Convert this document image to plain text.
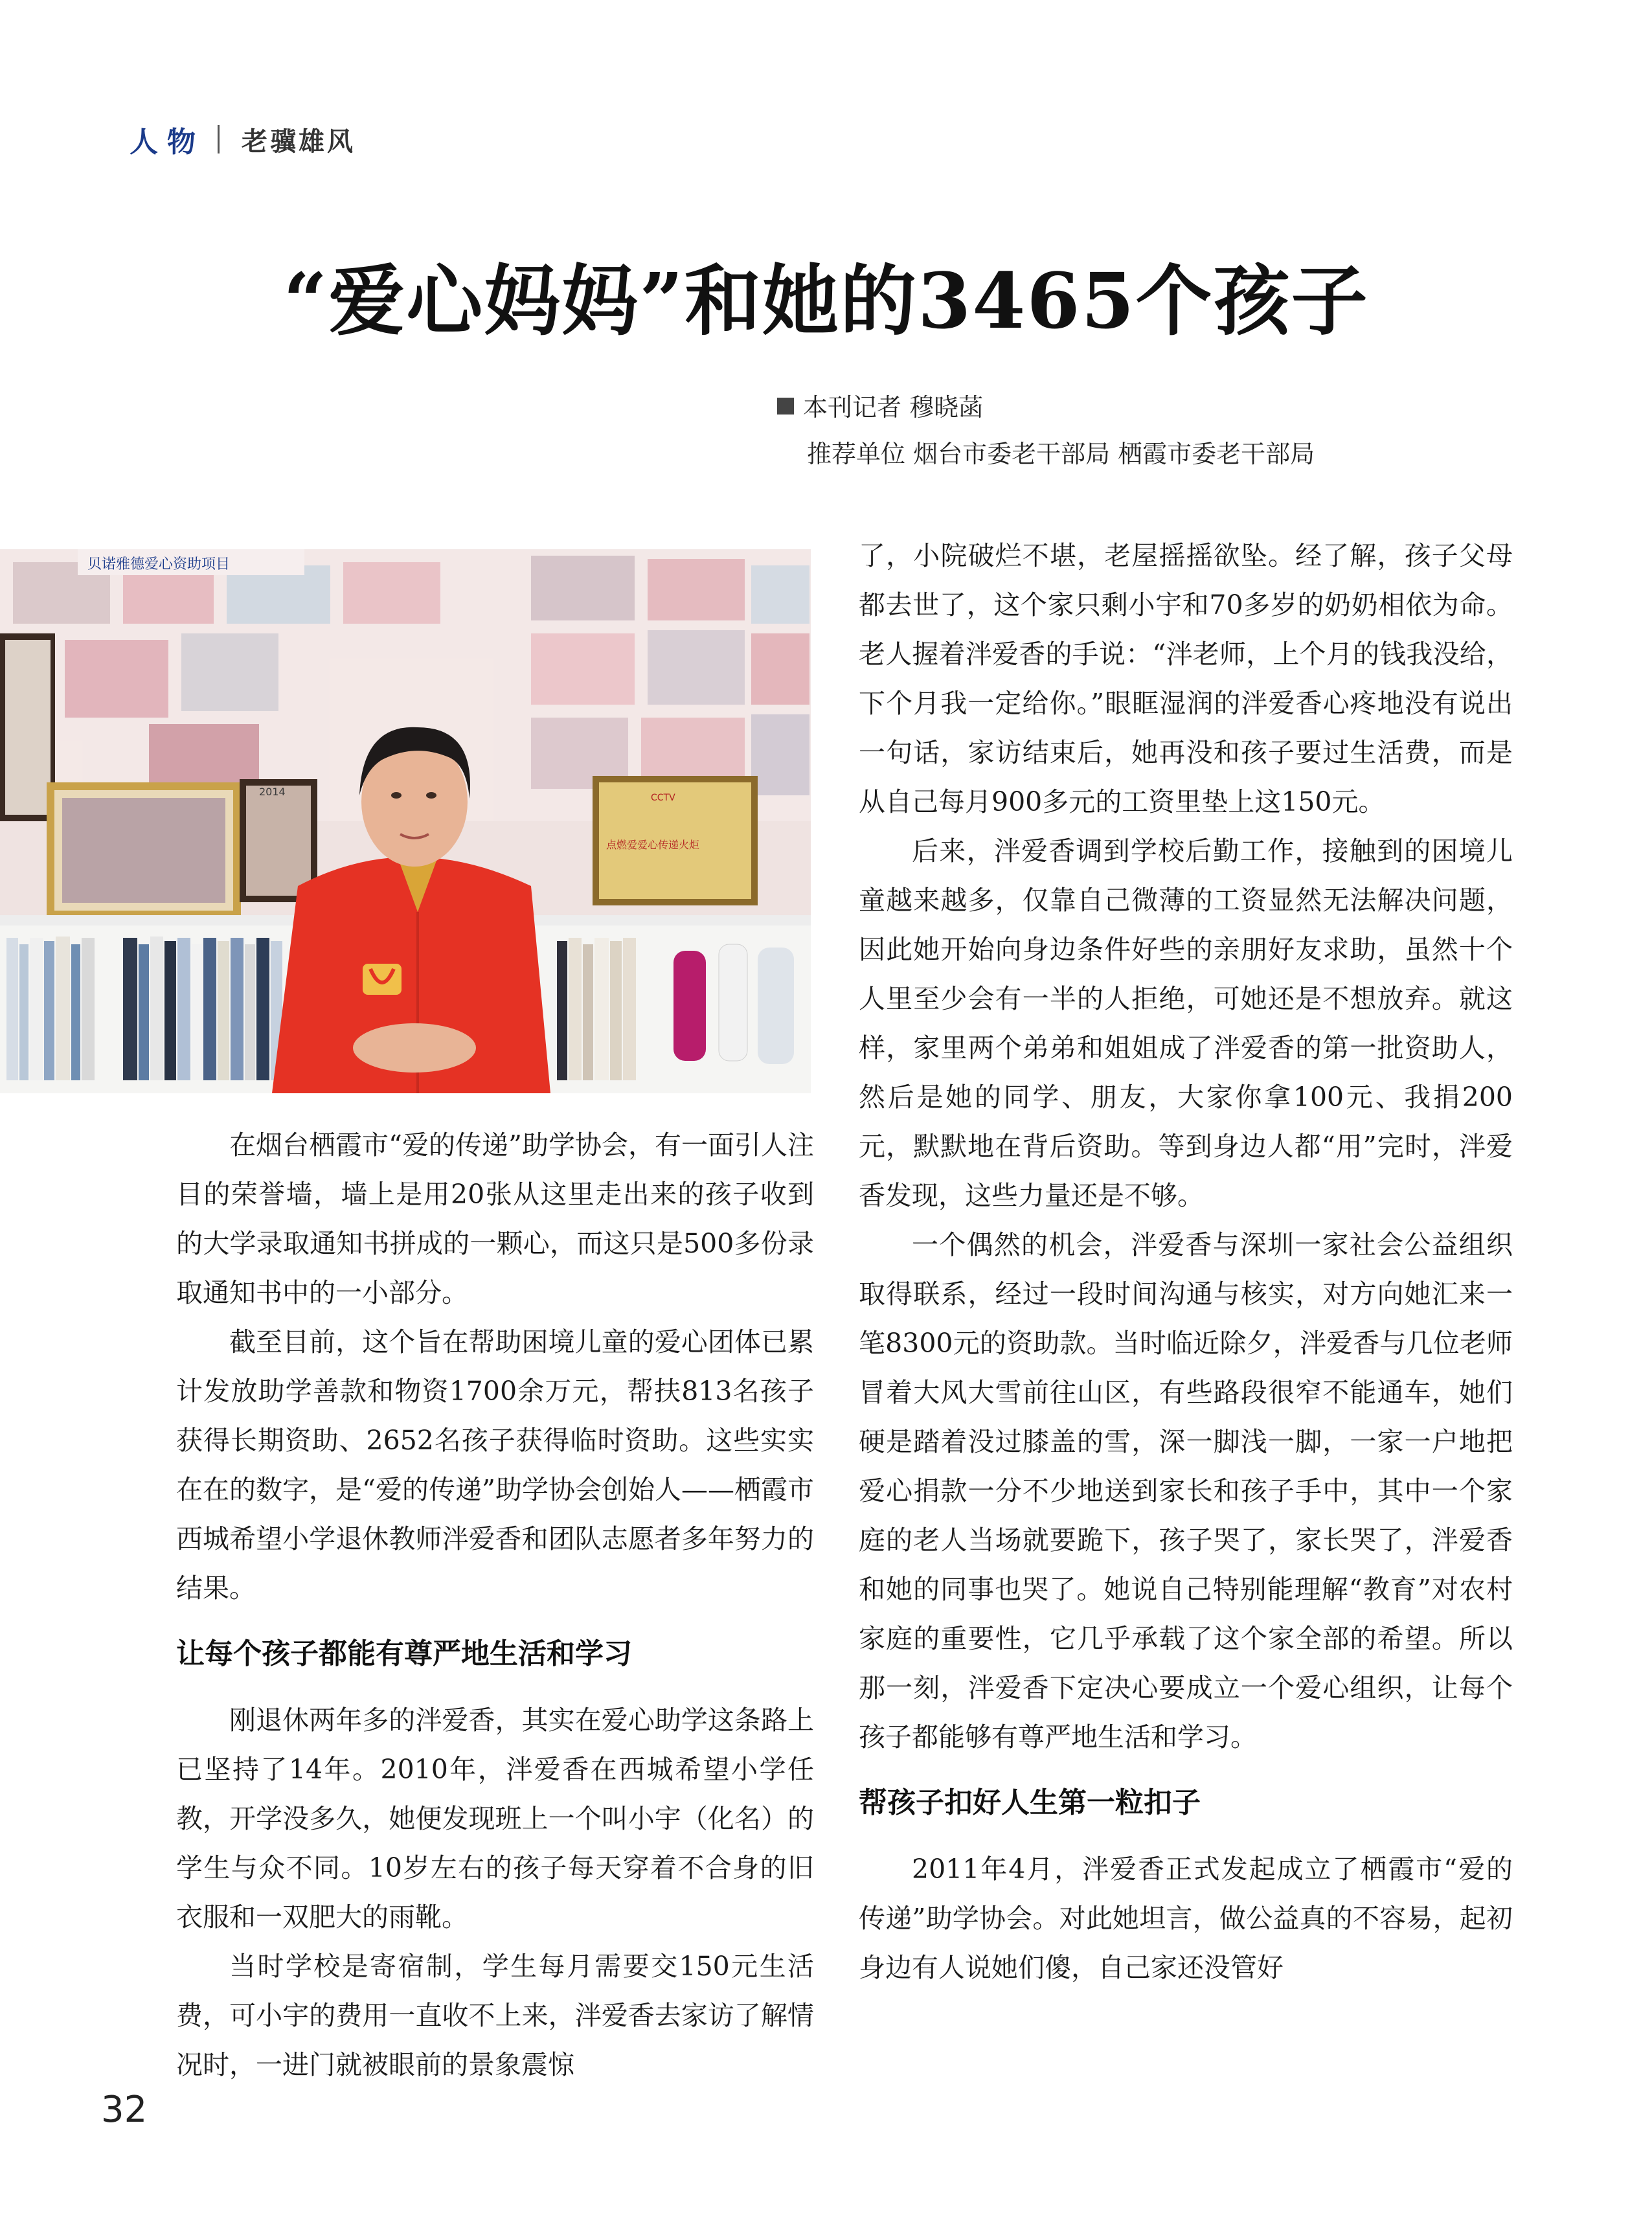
人物 老骥雄风
“爱心妈妈”和她的3465个孩子
本刊记者 穆晓菡
推荐单位 烟台市委老干部局 栖霞市委老干部局
贝诺雅德爱心资助项目
2014	CCTV
点燃爱爱心传递火炬

在烟台栖霞市“爱的传递”助学协会，有一面引人注目的荣誉墙，墙上是用20张从这里走出来的孩子收到的大学录取通知书拼成的一颗心，而这只是500多份录取通知书中的一小部分。

截至目前，这个旨在帮助困境儿童的爱心团体已累计发放助学善款和物资1700余万元，帮扶813名孩子获得长期资助、2652名孩子获得临时资助。这些实实在在的数字，是“爱的传递”助学协会创始人——栖霞市西城希望小学退休教师泮爱香和团队志愿者多年努力的结果。

让每个孩子都能有尊严地生活和学习

刚退休两年多的泮爱香，其实在爱心助学这条路上已坚持了14年。2010年，泮爱香在西城希望小学任教，开学没多久，她便发现班上一个叫小宇（化名）的学生与众不同。10岁左右的孩子每天穿着不合身的旧衣服和一双肥大的雨靴。

当时学校是寄宿制，学生每月需要交150元生活费，可小宇的费用一直收不上来，泮爱香去家访了解情况时，一进门就被眼前的景象震惊

了，小院破烂不堪，老屋摇摇欲坠。经了解，孩子父母都去世了，这个家只剩小宇和70多岁的奶奶相依为命。老人握着泮爱香的手说：“泮老师，上个月的钱我没给，下个月我一定给你。”眼眶湿润的泮爱香心疼地没有说出一句话，家访结束后，她再没和孩子要过生活费，而是从自己每月900多元的工资里垫上这150元。

后来，泮爱香调到学校后勤工作，接触到的困境儿童越来越多，仅靠自己微薄的工资显然无法解决问题，因此她开始向身边条件好些的亲朋好友求助，虽然十个人里至少会有一半的人拒绝，可她还是不想放弃。就这样，家里两个弟弟和姐姐成了泮爱香的第一批资助人，然后是她的同学、朋友，大家你拿100元、我捐200元，默默地在背后资助。等到身边人都“用”完时，泮爱香发现，这些力量还是不够。

一个偶然的机会，泮爱香与深圳一家社会公益组织取得联系，经过一段时间沟通与核实，对方向她汇来一笔8300元的资助款。当时临近除夕，泮爱香与几位老师冒着大风大雪前往山区，有些路段很窄不能通车，她们硬是踏着没过膝盖的雪，深一脚浅一脚，一家一户地把爱心捐款一分不少地送到家长和孩子手中，其中一个家庭的老人当场就要跪下，孩子哭了，家长哭了，泮爱香和她的同事也哭了。她说自己特别能理解“教育”对农村家庭的重要性，它几乎承载了这个家全部的希望。所以那一刻，泮爱香下定决心要成立一个爱心组织，让每个孩子都能够有尊严地生活和学习。

帮孩子扣好人生第一粒扣子

2011年4月，泮爱香正式发起成立了栖霞市“爱的传递”助学协会。对此她坦言，做公益真的不容易，起初身边有人说她们傻，自己家还没管好

32
